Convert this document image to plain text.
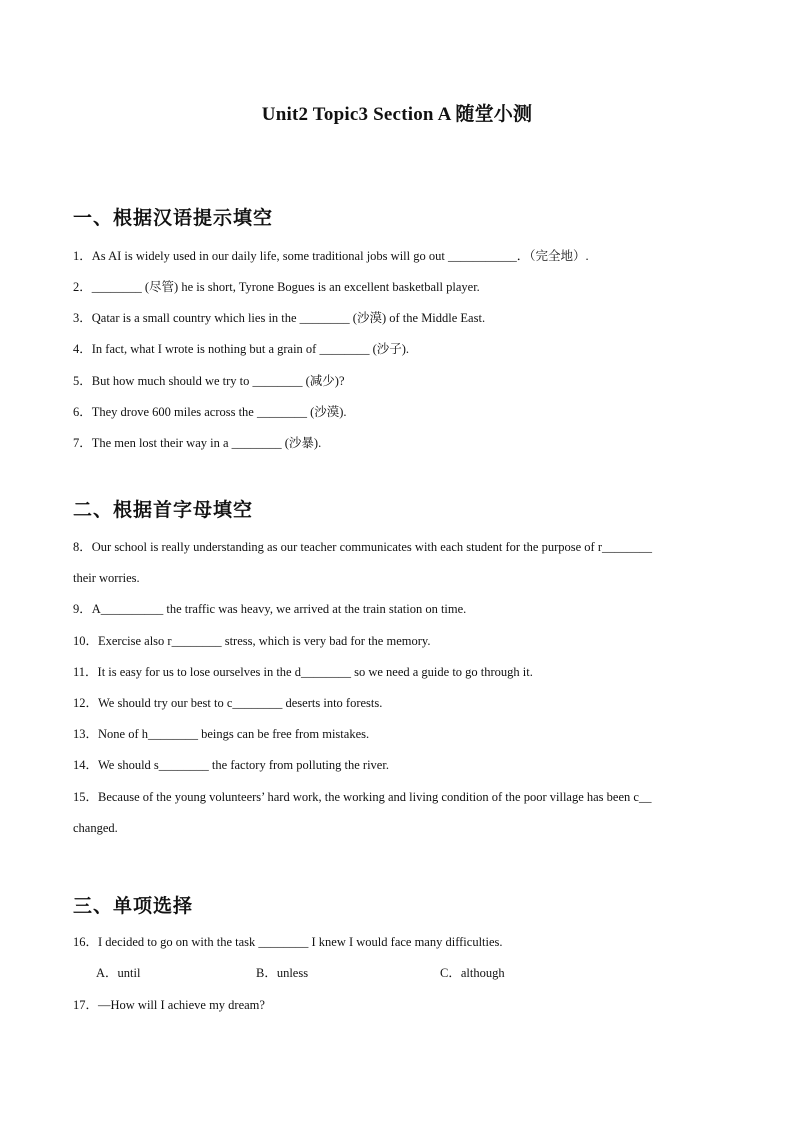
Unit2 Topic3 Section A 随堂小测
一、根据汉语提示填空
1．As AI is widely used in our daily life, some traditional jobs will go out ___________．（完全地）.
2．________ (尽管) he is short, Tyrone Bogues is an excellent basketball player.
3．Qatar is a small country which lies in the ________ (沙漠) of the Middle East.
4．In fact, what I wrote is nothing but a grain of ________ (沙子).
5．But how much should we try to ________ (减少)?
6．They drove 600 miles across the ________ (沙漠).
7．The men lost their way in a ________ (沙暴).
二、根据首字母填空
8．Our school is really understanding as our teacher communicates with each student for the purpose of r________
their worries.
9．A__________ the traffic was heavy, we arrived at the train station on time.
10．Exercise also r________ stress, which is very bad for the memory.
11．It is easy for us to lose ourselves in the d________ so we need a guide to go through it.
12．We should try our best to c________ deserts into forests.
13．None of h________ beings can be free from mistakes.
14．We should s________ the factory from polluting the river.
15．Because of the young volunteers’ hard work, the working and living condition of the poor village has been c__
changed.
三、单项选择
16．I decided to go on with the task ________ I knew I would face many difficulties.
A．until	B．unless	C．although
17．—How will I achieve my dream?
